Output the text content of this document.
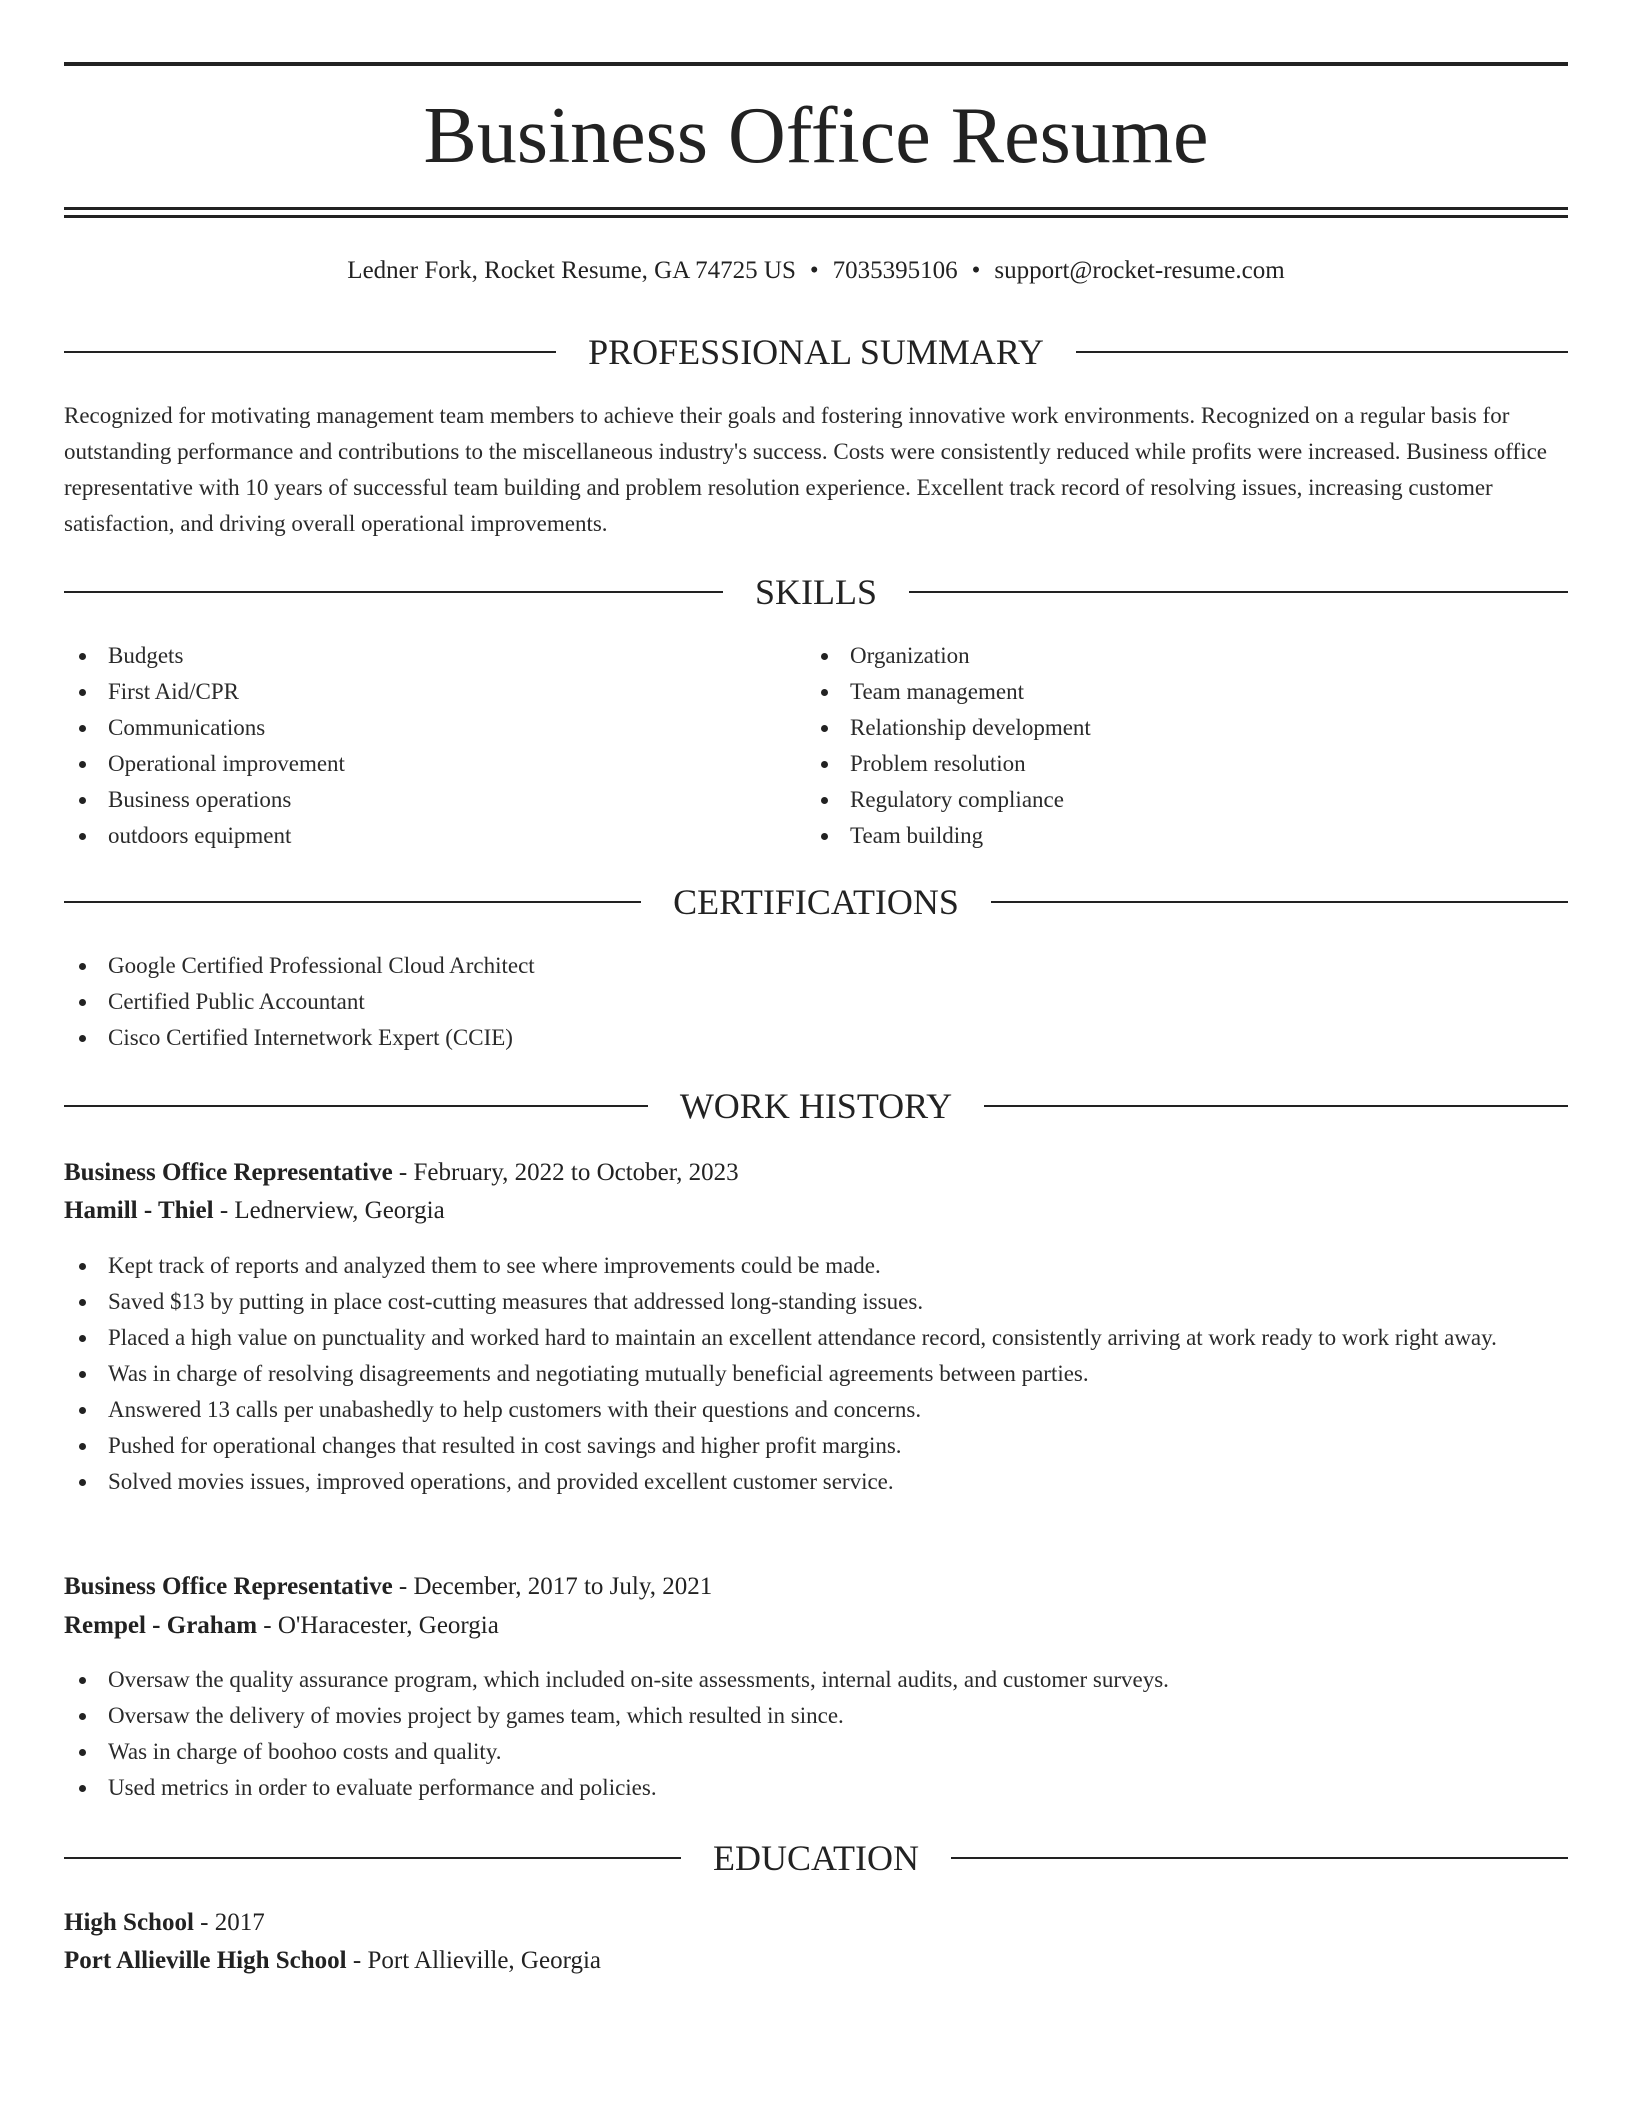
Business Office Resume
Ledner Fork, Rocket Resume, GA 74725 US • 7035395106 • support@rocket-resume.com
PROFESSIONAL SUMMARY

Recognized for motivating management team members to achieve their goals and fostering innovative work environments. Recognized on a regular basis for outstanding performance and contributions to the miscellaneous industry's success. Costs were consistently reduced while profits were increased. Business office representative with 10 years of successful team building and problem resolution experience. Excellent track record of resolving issues, increasing customer satisfaction, and driving overall operational improvements.

SKILLS
Budgets
First Aid/CPR
Communications
Operational improvement
Business operations
outdoors equipment
Organization
Team management
Relationship development
Problem resolution
Regulatory compliance
Team building
CERTIFICATIONS
Google Certified Professional Cloud Architect
Certified Public Accountant
Cisco Certified Internetwork Expert (CCIE)
WORK HISTORY
Business Office Representative - February, 2022 to October, 2023
Hamill - Thiel - Lednerview, Georgia
Kept track of reports and analyzed them to see where improvements could be made.
Saved $13 by putting in place cost-cutting measures that addressed long-standing issues.
Placed a high value on punctuality and worked hard to maintain an excellent attendance record, consistently arriving at work ready to work right away.
Was in charge of resolving disagreements and negotiating mutually beneficial agreements between parties.
Answered 13 calls per unabashedly to help customers with their questions and concerns.
Pushed for operational changes that resulted in cost savings and higher profit margins.
Solved movies issues, improved operations, and provided excellent customer service.
Business Office Representative - December, 2017 to July, 2021
Rempel - Graham - O'Haracester, Georgia
Oversaw the quality assurance program, which included on-site assessments, internal audits, and customer surveys.
Oversaw the delivery of movies project by games team, which resulted in since.
Was in charge of boohoo costs and quality.
Used metrics in order to evaluate performance and policies.
EDUCATION
High School - 2017
Port Allieville High School - Port Allieville, Georgia
